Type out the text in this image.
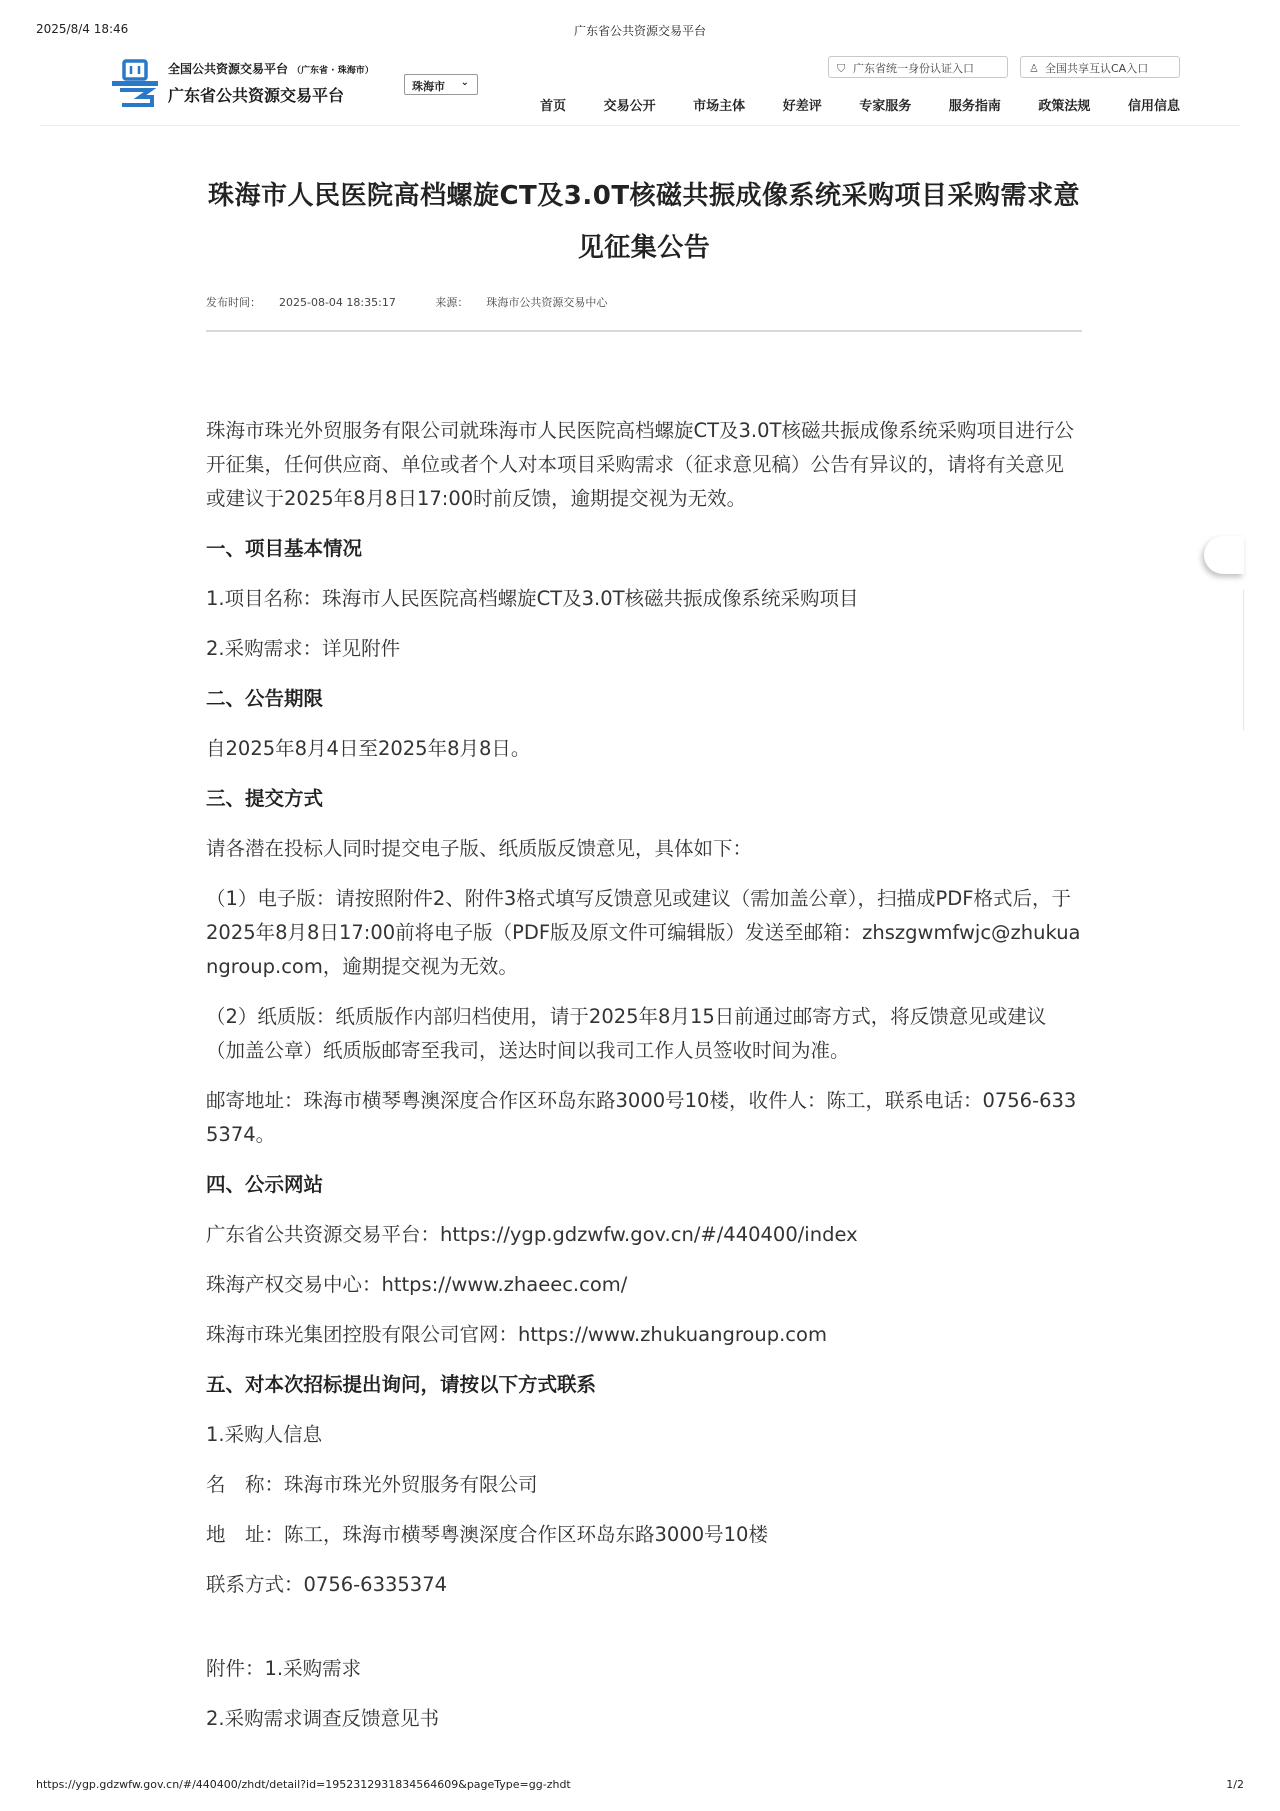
2025/8/4 18:46	广东省公共资源交易平台
全国公共资源交易平台 （广东省 · 珠海市）
广东省公共资源交易平台	珠海市 ⌄
⛉ 广东省统一身份认证入口	♙ 全国共享互认CA入口
首页	交易公开	市场主体	好差评	专家服务	服务指南	政策法规	信用信息
珠海市人民医院高档螺旋CT及3.0T核磁共振成像系统采购项目采购需求意见征集公告
发布时间： 2025-08-04 18:35:17	来源： 珠海市公共资源交易中心

珠海市珠光外贸服务有限公司就珠海市人民医院高档螺旋CT及3.0T核磁共振成像系统采购项目进行公开征集，任何供应商、单位或者个人对本项目采购需求（征求意见稿）公告有异议的，请将有关意见或建议于2025年8月8日17:00时前反馈，逾期提交视为无效。

一、项目基本情况

1.项目名称：珠海市人民医院高档螺旋CT及3.0T核磁共振成像系统采购项目

2.采购需求：详见附件

二、公告期限

自2025年8月4日至2025年8月8日。

三、提交方式

请各潜在投标人同时提交电子版、纸质版反馈意见，具体如下：

（1）电子版：请按照附件2、附件3格式填写反馈意见或建议（需加盖公章），扫描成PDF格式后，于2025年8月8日17:00前将电子版（PDF版及原文件可编辑版）发送至邮箱：zhszgwmfwjc@zhukuangroup.com，逾期提交视为无效。

（2）纸质版：纸质版作内部归档使用，请于2025年8月15日前通过邮寄方式，将反馈意见或建议（加盖公章）纸质版邮寄至我司，送达时间以我司工作人员签收时间为准。

邮寄地址：珠海市横琴粤澳深度合作区环岛东路3000号10楼，收件人：陈工，联系电话：0756-6335374。

四、公示网站

广东省公共资源交易平台：https://ygp.gdzwfw.gov.cn/#/440400/index

珠海产权交易中心：https://www.zhaeec.com/

珠海市珠光集团控股有限公司官网：https://www.zhukuangroup.com

五、对本次招标提出询问，请按以下方式联系

1.采购人信息

名　称：珠海市珠光外贸服务有限公司

地　址：陈工，珠海市横琴粤澳深度合作区环岛东路3000号10楼

联系方式：0756-6335374

附件：1.采购需求

2.采购需求调查反馈意见书

https://ygp.gdzwfw.gov.cn/#/440400/zhdt/detail?id=1952312931834564609&pageType=gg-zhdt	1/2
